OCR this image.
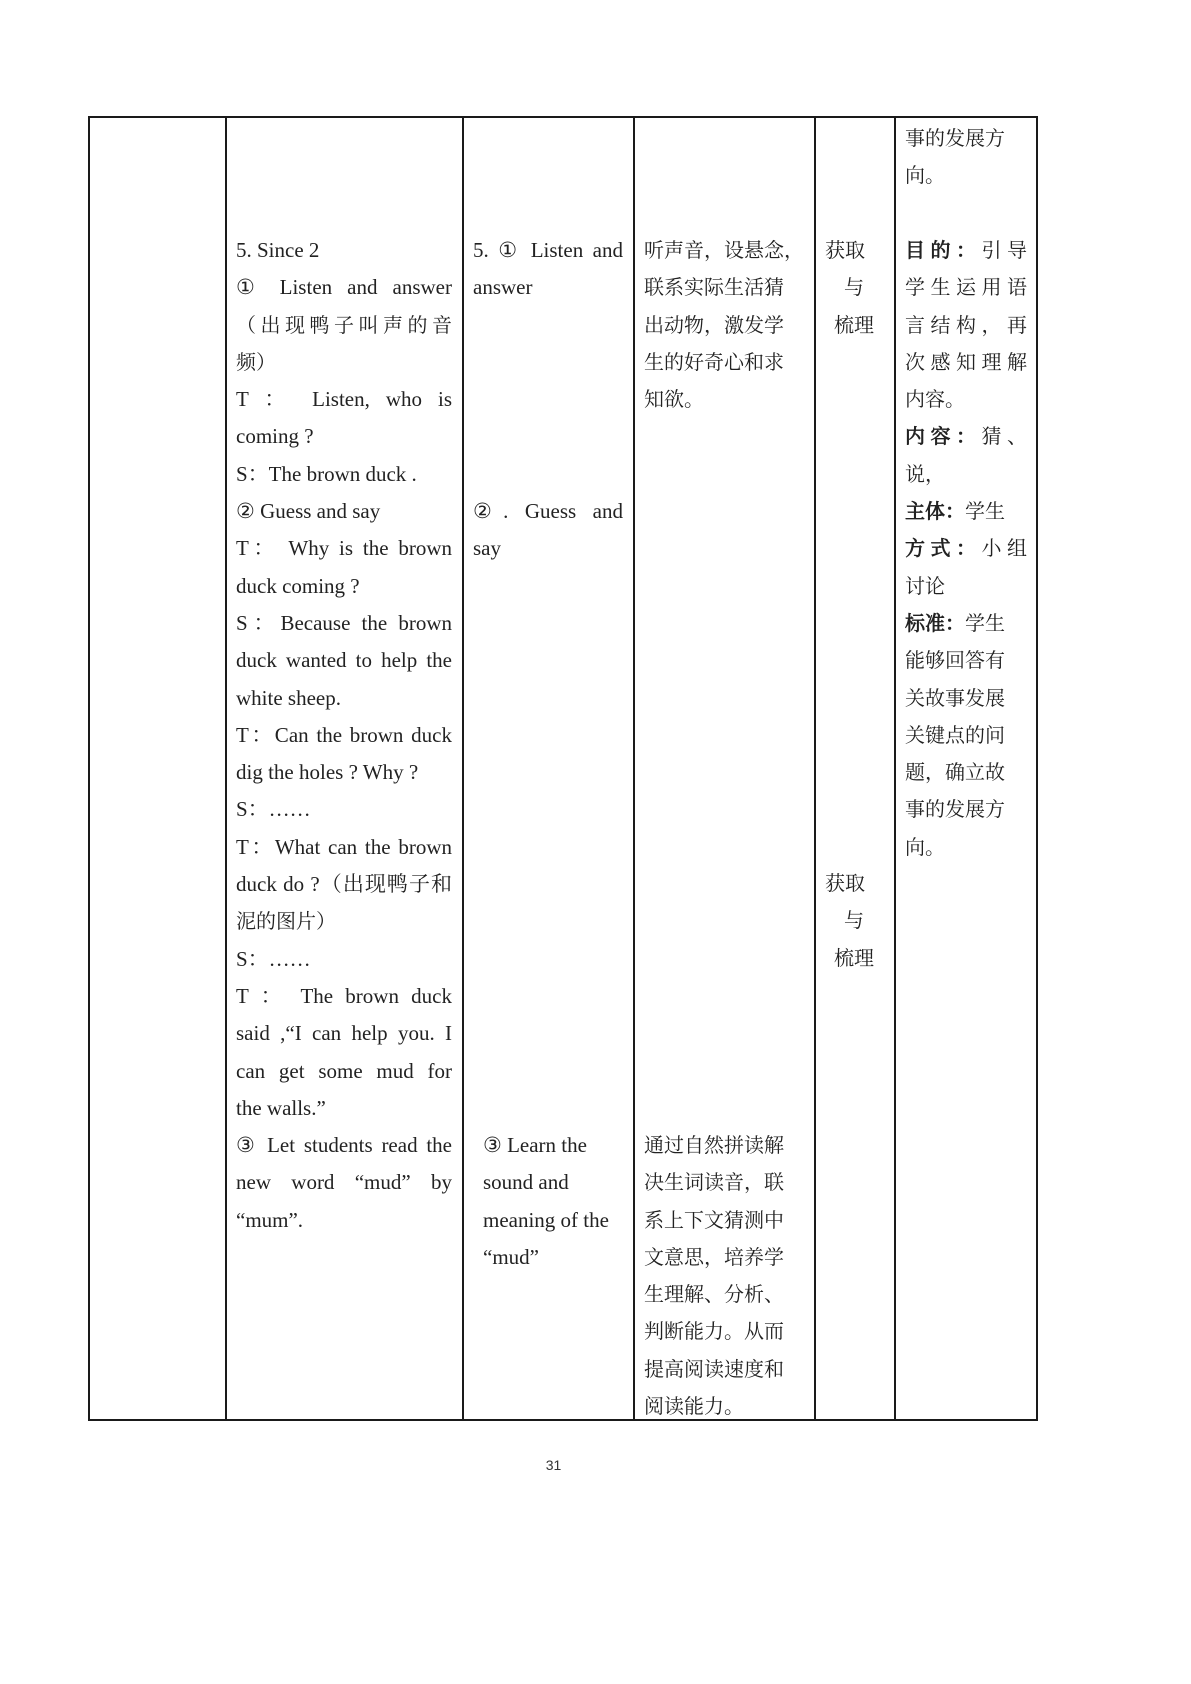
5. Since 2
① Listen and answer
（出现鸭子叫声的音
频）
T ： Listen, who is
coming ?
S：The brown duck .
② Guess and say
T： Why is the brown
duck coming ?
S：Because the brown
duck wanted to help the
white sheep.
T：Can the brown duck
dig the holes ? Why ?
S：……
T：What can the brown
duck do ?（出现鸭子和
泥的图片）
S：……
T ： The brown duck
said ,“I can help you. I
can get some mud for
the walls.”
③ Let students read the
new word “mud” by
“mum”.
5. ① Listen and
answer
②. Guess and
say
③ Learn the
sound and
meaning of the
“mud”
听声音，设悬念，
联系实际生活猜
出动物，激发学
生的好奇心和求
知欲。
通过自然拼读解
决生词读音，联
系上下文猜测中
文意思，培养学
生理解、分析、
判断能力。从而
提高阅读速度和
阅读能力。
获取
与
梳理
获取
与
梳理
事的发展方
向。
目的：引导
学生运用语
言结构，再
次感知理解
内容。
内容：猜、
说，
主体：学生
方式：小组
讨论
标准：学生
能够回答有
关故事发展
关键点的问
题，确立故
事的发展方
向。
31
